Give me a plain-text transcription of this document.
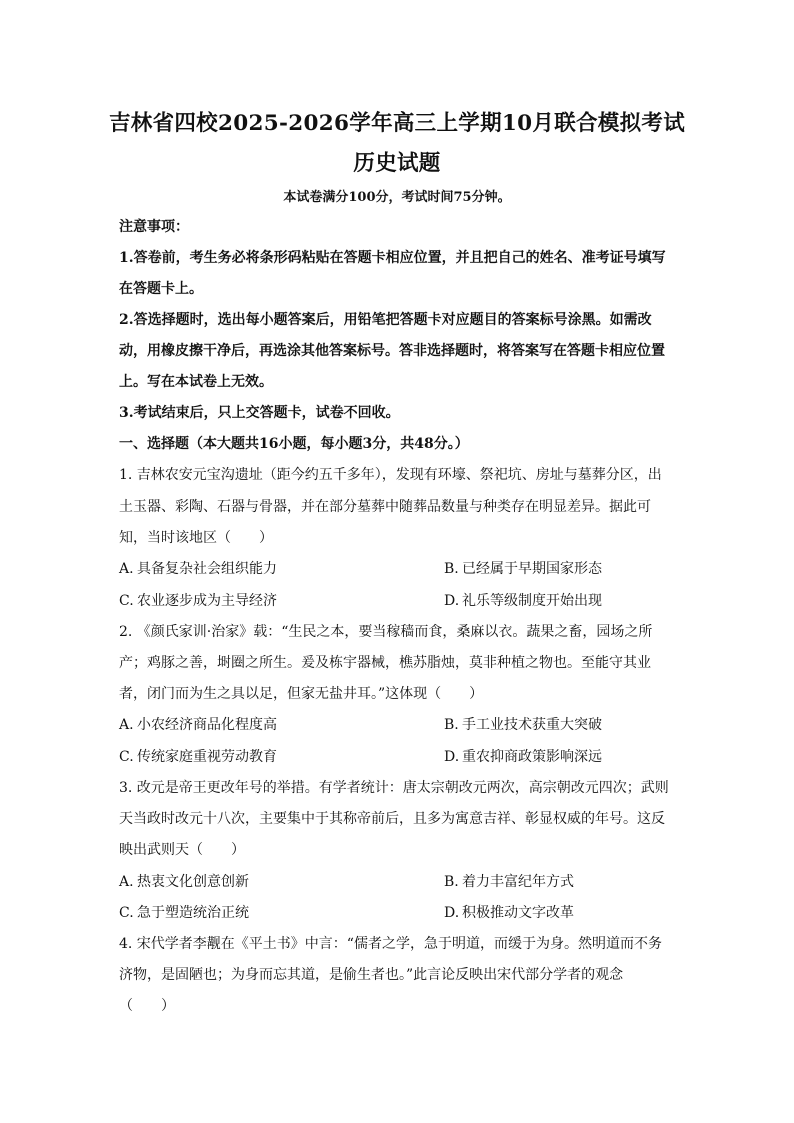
吉林省四校2025-2026学年高三上学期10月联合模拟考试
历史试题
本试卷满分100分，考试时间75分钟。
注意事项：
1.答卷前，考生务必将条形码粘贴在答题卡相应位置，并且把自己的姓名、准考证号填写
在答题卡上。
2.答选择题时，选出每小题答案后，用铅笔把答题卡对应题目的答案标号涂黑。如需改
动，用橡皮擦干净后，再选涂其他答案标号。答非选择题时，将答案写在答题卡相应位置
上。写在本试卷上无效。
3.考试结束后，只上交答题卡，试卷不回收。
一、选择题（本大题共16小题，每小题3分，共48分。）
1. 吉林农安元宝沟遗址（距今约五千多年），发现有环壕、祭祀坑、房址与墓葬分区，出
土玉器、彩陶、石器与骨器，并在部分墓葬中随葬品数量与种类存在明显差异。据此可
知，当时该地区（　　）
A. 具备复杂社会组织能力	B. 已经属于早期国家形态
C. 农业逐步成为主导经济	D. 礼乐等级制度开始出现
2. 《颜氏家训·治家》载：“生民之本，要当稼穑而食，桑麻以衣。蔬果之畜，园场之所
产；鸡豚之善，埘圈之所生。爰及栋宇器械，樵苏脂烛，莫非种植之物也。至能守其业
者，闭门而为生之具以足，但家无盐井耳。”这体现（　　）
A. 小农经济商品化程度高	B. 手工业技术获重大突破
C. 传统家庭重视劳动教育	D. 重农抑商政策影响深远
3. 改元是帝王更改年号的举措。有学者统计：唐太宗朝改元两次，高宗朝改元四次；武则
天当政时改元十八次，主要集中于其称帝前后，且多为寓意吉祥、彰显权威的年号。这反
映出武则天（　　）
A. 热衷文化创意创新	B. 着力丰富纪年方式
C. 急于塑造统治正统	D. 积极推动文字改革
4. 宋代学者李觏在《平土书》中言：“儒者之学，急于明道，而缓于为身。然明道而不务
济物，是固陋也；为身而忘其道，是偷生者也。”此言论反映出宋代部分学者的观念
（　　）
